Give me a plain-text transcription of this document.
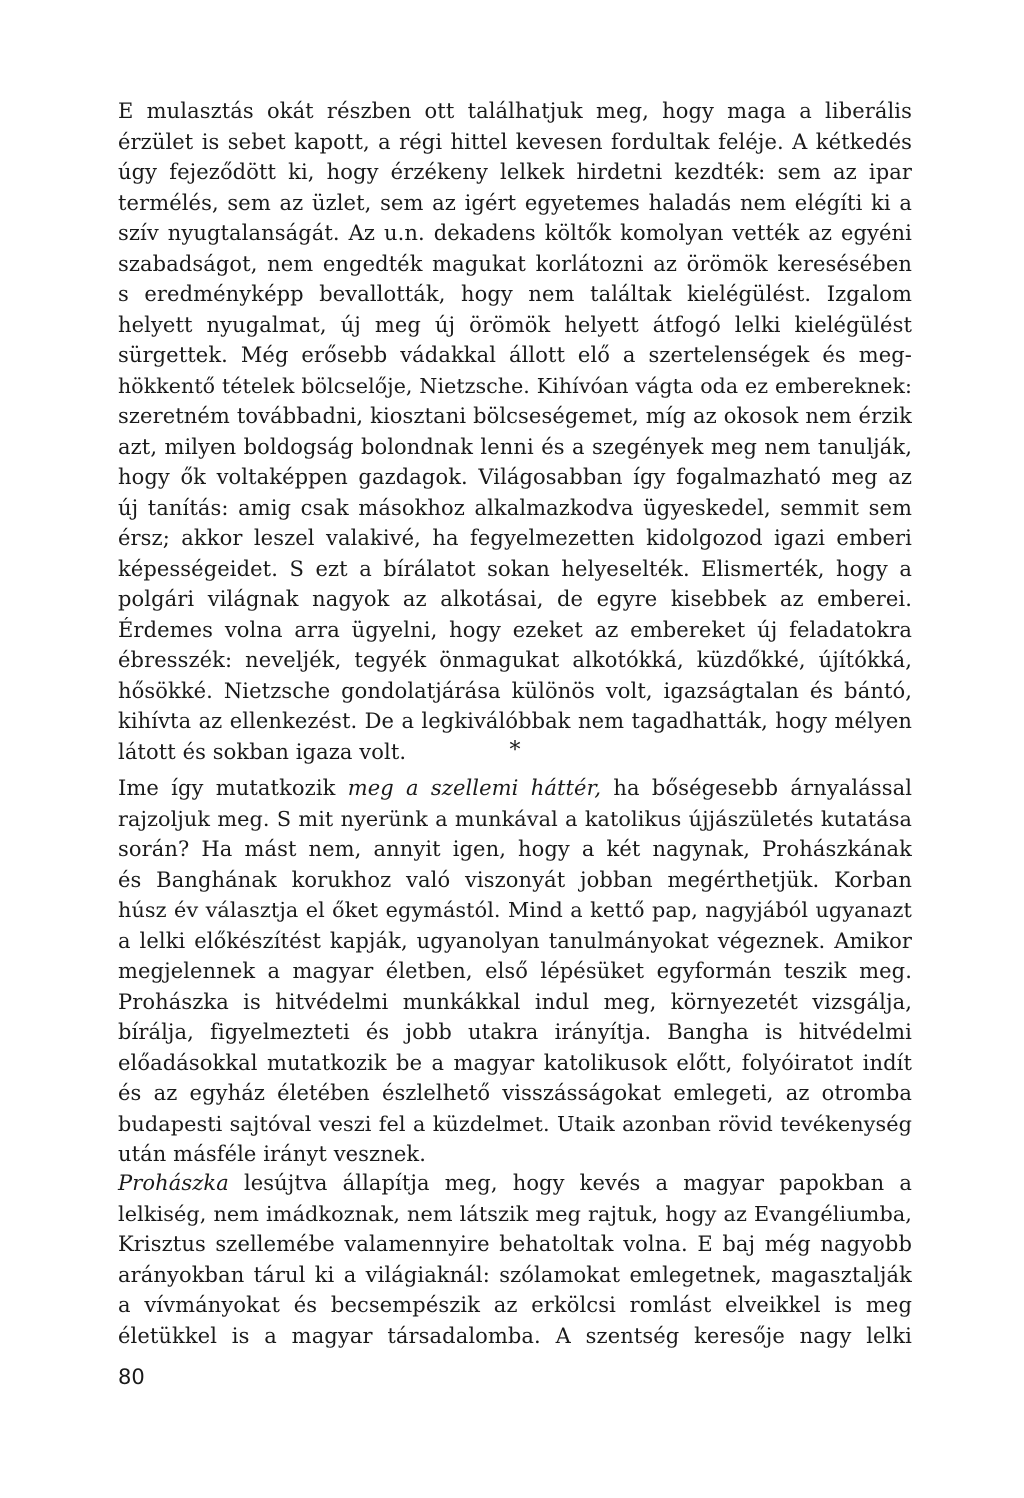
E mulasztás okát részben ott találhatjuk meg, hogy maga a liberális

érzület is sebet kapott, a régi hittel kevesen fordultak feléje. A kétkedés

úgy fejeződött ki, hogy érzékeny lelkek hirdetni kezdték: sem az ipar

termélés, sem az üzlet, sem az igért egyetemes haladás nem elégíti ki a

szív nyugtalanságát. Az u.n. dekadens költők komolyan vették az egyéni

szabadságot, nem engedték magukat korlátozni az örömök keresésében

s eredményképp bevallották, hogy nem találtak kielégülést. Izgalom

helyett nyugalmat, új meg új örömök helyett átfogó lelki kielégülést

sürgettek. Még erősebb vádakkal állott elő a szertelenségek és meg-

hökkentő tételek bölcselője, Nietzsche. Kihívóan vágta oda ez embereknek:

szeretném továbbadni, kiosztani bölcseségemet, míg az okosok nem érzik

azt, milyen boldogság bolondnak lenni és a szegények meg nem tanulják,

hogy ők voltaképpen gazdagok. Világosabban így fogalmazható meg az

új tanítás: amig csak másokhoz alkalmazkodva ügyeskedel, semmit sem

érsz; akkor leszel valakivé, ha fegyelmezetten kidolgozod igazi emberi

képességeidet. S ezt a bírálatot sokan helyeselték. Elismerték, hogy a

polgári világnak nagyok az alkotásai, de egyre kisebbek az emberei.

Érdemes volna arra ügyelni, hogy ezeket az embereket új feladatokra

ébresszék: neveljék, tegyék önmagukat alkotókká, küzdőkké, újítókká,

hősökké. Nietzsche gondolatjárása különös volt, igazságtalan és bántó,

kihívta az ellenkezést. De a legkiválóbbak nem tagadhatták, hogy mélyen

látott és sokban igaza volt.	*

Ime így mutatkozik meg a szellemi háttér, ha bőségesebb árnyalással

rajzoljuk meg. S mit nyerünk a munkával a katolikus újjászületés kutatása

során? Ha mást nem, annyit igen, hogy a két nagynak, Prohászkának

és Banghának korukhoz való viszonyát jobban megérthetjük. Korban

húsz év választja el őket egymástól. Mind a kettő pap, nagyjából ugyanazt

a lelki előkészítést kapják, ugyanolyan tanulmányokat végeznek. Amikor

megjelennek a magyar életben, első lépésüket egyformán teszik meg.

Prohászka is hitvédelmi munkákkal indul meg, környezetét vizsgálja,

bírálja, figyelmezteti és jobb utakra irányítja. Bangha is hitvédelmi

előadásokkal mutatkozik be a magyar katolikusok előtt, folyóiratot indít

és az egyház életében észlelhető visszásságokat emlegeti, az otromba

budapesti sajtóval veszi fel a küzdelmet. Utaik azonban rövid tevékenység

után másféle irányt vesznek.

Prohászka lesújtva állapítja meg, hogy kevés a magyar papokban a

lelkiség, nem imádkoznak, nem látszik meg rajtuk, hogy az Evangéliumba,

Krisztus szellemébe valamennyire behatoltak volna. E baj még nagyobb

arányokban tárul ki a világiaknál: szólamokat emlegetnek, magasztalják

a vívmányokat és becsempészik az erkölcsi romlást elveikkel is meg

életükkel is a magyar társadalomba. A szentség keresője nagy lelki

80
